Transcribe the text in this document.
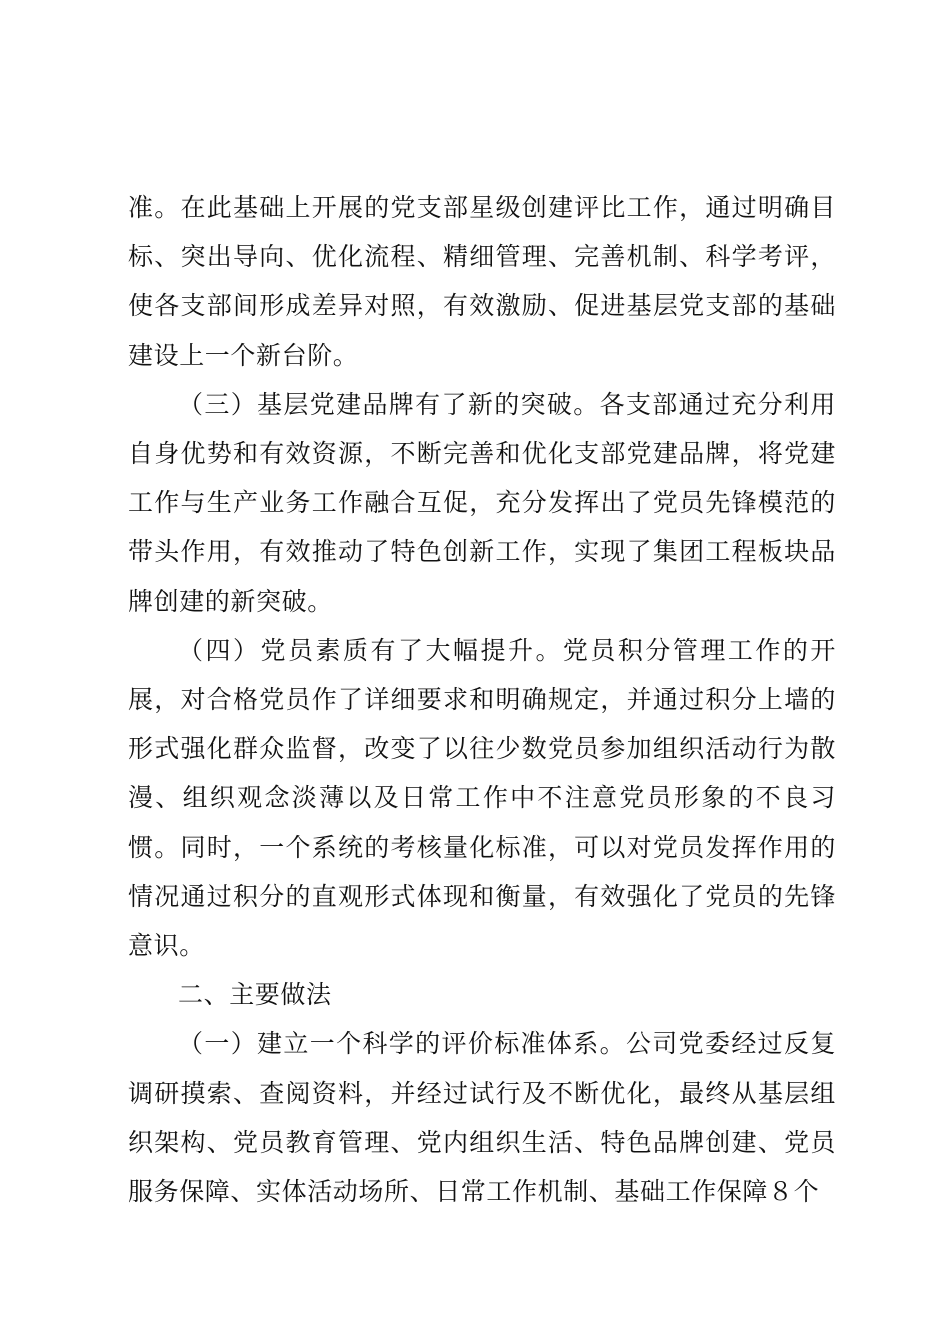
准。在此基础上开展的党支部星级创建评比工作，通过明确目标、突出导向、优化流程、精细管理、完善机制、科学考评，使各支部间形成差异对照，有效激励、促进基层党支部的基础建设上一个新台阶。

（三）基层党建品牌有了新的突破。各支部通过充分利用自身优势和有效资源，不断完善和优化支部党建品牌，将党建工作与生产业务工作融合互促，充分发挥出了党员先锋模范的带头作用，有效推动了特色创新工作，实现了集团工程板块品牌创建的新突破。

（四）党员素质有了大幅提升。党员积分管理工作的开展，对合格党员作了详细要求和明确规定，并通过积分上墙的形式强化群众监督，改变了以往少数党员参加组织活动行为散漫、组织观念淡薄以及日常工作中不注意党员形象的不良习惯。同时，一个系统的考核量化标准，可以对党员发挥作用的情况通过积分的直观形式体现和衡量，有效强化了党员的先锋意识。

二、主要做法

（一）建立一个科学的评价标准体系。公司党委经过反复调研摸索、查阅资料，并经过试行及不断优化，最终从基层组织架构、党员教育管理、党内组织生活、特色品牌创建、党员服务保障、实体活动场所、日常工作机制、基础工作保障８个
